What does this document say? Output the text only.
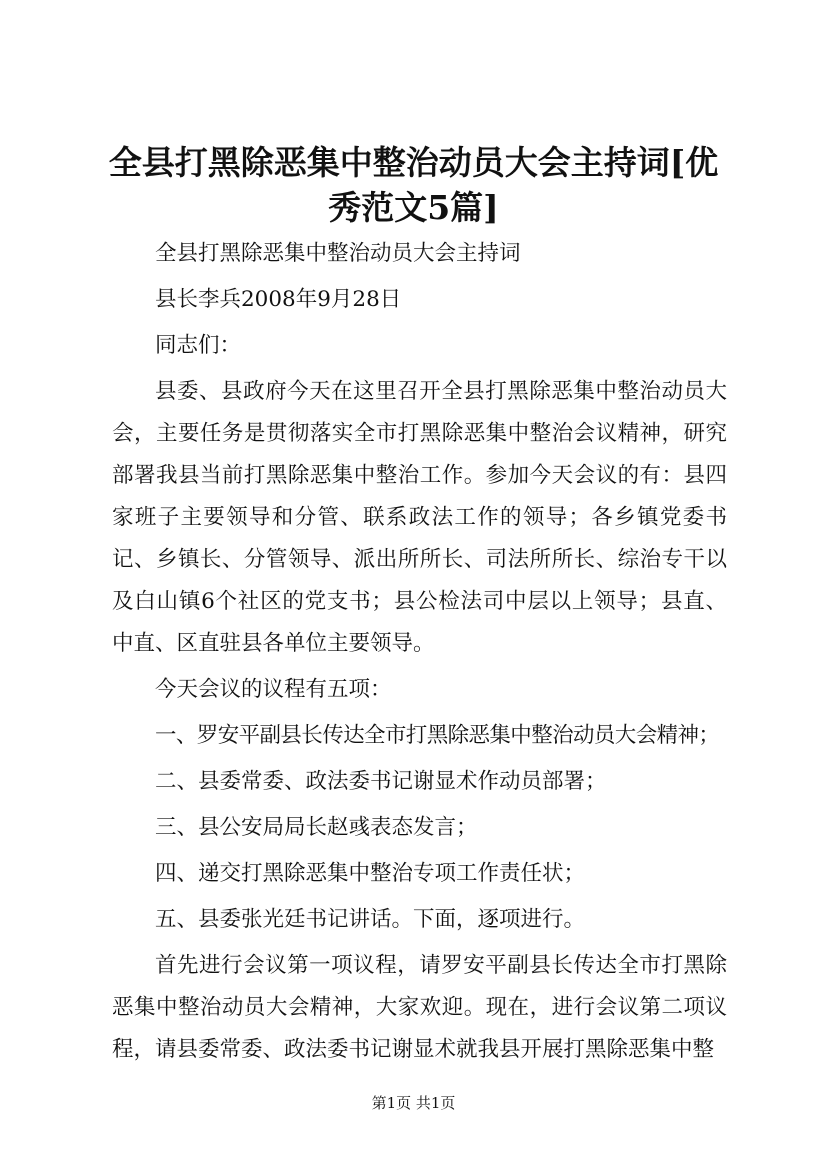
全县打黑除恶集中整治动员大会主持词[优秀范文5篇]

全县打黑除恶集中整治动员大会主持词

县长李兵2008年9月28日

同志们：

县委、县政府今天在这里召开全县打黑除恶集中整治动员大会，主要任务是贯彻落实全市打黑除恶集中整治会议精神，研究部署我县当前打黑除恶集中整治工作。参加今天会议的有：县四家班子主要领导和分管、联系政法工作的领导；各乡镇党委书记、乡镇长、分管领导、派出所所长、司法所所长、综治专干以及白山镇6个社区的党支书；县公检法司中层以上领导；县直、中直、区直驻县各单位主要领导。

今天会议的议程有五项：

一、罗安平副县长传达全市打黑除恶集中整治动员大会精神；

二、县委常委、政法委书记谢显术作动员部署；

三、县公安局局长赵彧表态发言；

四、递交打黑除恶集中整治专项工作责任状；

五、县委张光廷书记讲话。下面，逐项进行。

首先进行会议第一项议程，请罗安平副县长传达全市打黑除恶集中整治动员大会精神，大家欢迎。现在，进行会议第二项议程，请县委常委、政法委书记谢显术就我县开展打黑除恶集中整

第1页 共1页
